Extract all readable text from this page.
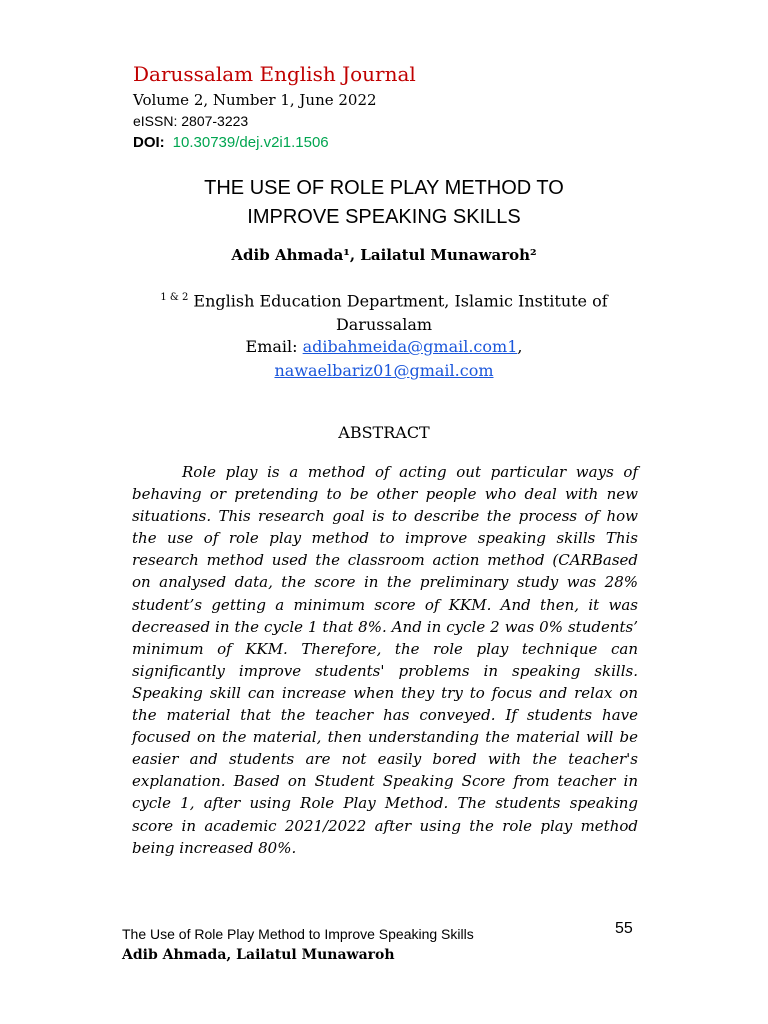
Darussalam English Journal
Volume 2, Number 1, June 2022
eISSN: 2807-3223
DOI: 10.30739/dej.v2i1.1506
THE USE OF ROLE PLAY METHOD TO
IMPROVE SPEAKING SKILLS
Adib Ahmada¹, Lailatul Munawaroh²
$^{1 \& 2}$ English Education Department, Islamic Institute of Darussalam
Email: adibahmeida@gmail.com1,
nawaelbariz01@gmail.com
ABSTRACT
Role play is a method of acting out particular ways of behaving or pretending to be other people who deal with new situations. This research goal is to describe the process of how the use of role play method to improve speaking skills This research method used the classroom action method (CARBased on analysed data, the score in the preliminary study was 28% student’s getting a minimum score of KKM. And then, it was decreased in the cycle 1 that 8%. And in cycle 2 was 0% students’ minimum of KKM. Therefore, the role play technique can significantly improve students' problems in speaking skills. Speaking skill can increase when they try to focus and relax on the material that the teacher has conveyed. If students have focused on the material, then understanding the material will be easier and students are not easily bored with the teacher's explanation. Based on Student Speaking Score from teacher in cycle 1, after using Role Play Method. The students speaking score in academic 2021/2022 after using the role play method being increased 80%.
The Use of Role Play Method to Improve Speaking Skills
Adib Ahmada, Lailatul Munawaroh
55
